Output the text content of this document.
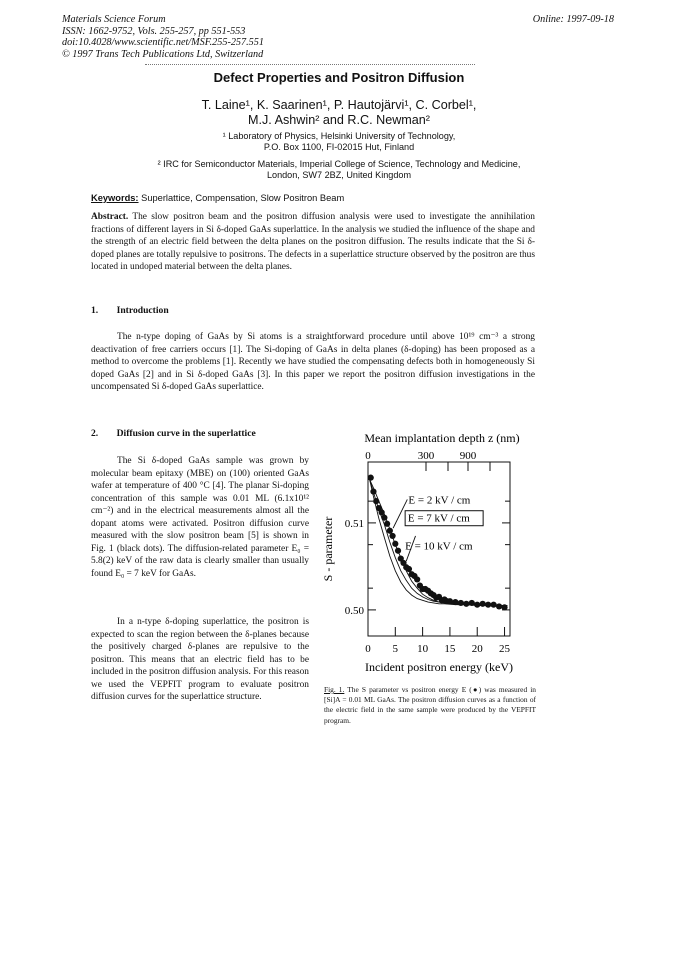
Materials Science Forum
ISSN: 1662-9752, Vols. 255-257, pp 551-553
doi:10.4028/www.scientific.net/MSF.255-257.551
© 1997 Trans Tech Publications Ltd, Switzerland
Online: 1997-09-18
Defect Properties and Positron Diffusion
T. Laine¹, K. Saarinen¹, P. Hautojärvi¹, C. Corbel¹,
M.J. Ashwin² and R.C. Newman²
¹ Laboratory of Physics, Helsinki University of Technology,
P.O. Box 1100, FI-02015 Hut, Finland
² IRC for Semiconductor Materials, Imperial College of Science, Technology and Medicine,
London, SW7 2BZ, United Kingdom
Keywords: Superlattice, Compensation, Slow Positron Beam
Abstract. The slow positron beam and the positron diffusion analysis were used to investigate the annihilation fractions of different layers in Si δ-doped GaAs superlattice. In the analysis we studied the influence of the shape and the strength of an electric field between the delta planes on the positron diffusion. The results indicate that the Si δ-doped planes are totally repulsive to positrons. The defects in a superlattice structure observed by the positron are thus located in undoped material between the delta planes.
1. Introduction
The n-type doping of GaAs by Si atoms is a straightforward procedure until above 10¹⁹ cm⁻³ a strong deactivation of free carriers occurs [1]. The Si-doping of GaAs in delta planes (δ-doping) has been proposed as a method to overcome the problems [1]. Recently we have studied the compensating defects both in homogeneously Si doped GaAs [2] and in Si δ-doped GaAs [3]. In this paper we report the positron diffusion investigations in the uncompensated Si δ-doped GaAs superlattice.
2. Diffusion curve in the superlattice
The Si δ-doped GaAs sample was grown by molecular beam epitaxy (MBE) on (100) oriented GaAs wafer at temperature of 400 °C [4]. The planar Si-doping concentration of this sample was 0.01 ML (6.1x10¹² cm⁻²) and in the electrical measurements almost all the dopant atoms were activated. Positron diffusion curve measured with the slow positron beam [5] is shown in Fig. 1 (black dots). The diffusion-related parameter E₀ = 5.8(2) keV of the raw data is clearly smaller than usually found E₀ = 7 keV for GaAs.
In a n-type δ-doping superlattice, the positron is expected to scan the region between the δ-planes because the positively charged δ-planes are repulsive to the positron. This means that an electric field has to be included in the positron diffusion analysis. For this reason we used the VEPFIT program to evaluate positron diffusion curves for the superlattice structure.
Mean implantation depth z (nm)
0	300 900
0 5 10 15 20 25
0.51
0.50
Incident positron energy (keV)
S - parameter
E = 2 kV / cm
E = 7 kV / cm
E = 10 kV / cm
Fig. 1. The S parameter vs positron energy E (●) was measured in [Si]A = 0.01 ML GaAs. The positron diffusion curves as a function of the electric field in the same sample were produced by the VEPFIT program.
